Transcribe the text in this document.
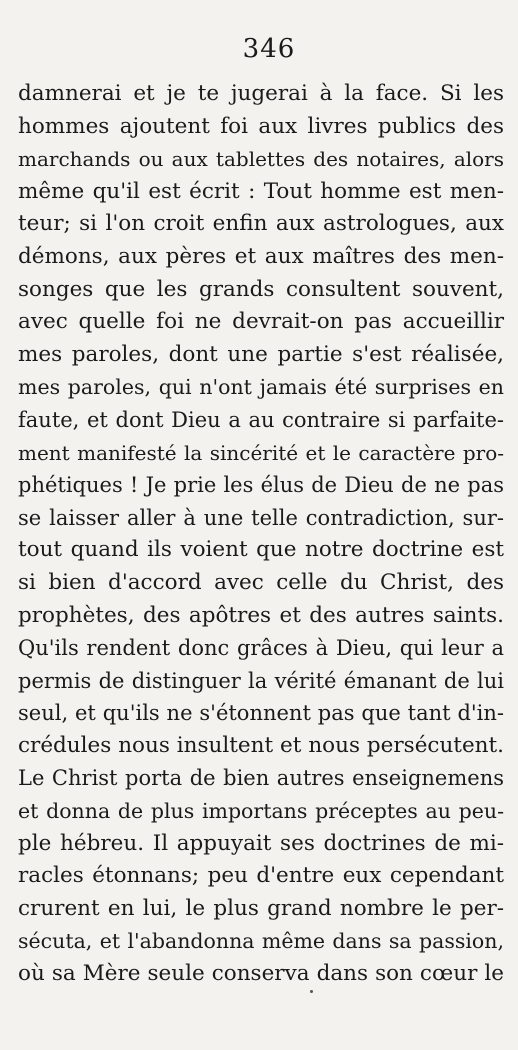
346
damnerai et je te jugerai à la face. Si les
hommes ajoutent foi aux livres publics des
marchands ou aux tablettes des notaires, alors
même qu'il est écrit : Tout homme est men-
teur; si l'on croit enfin aux astrologues, aux
démons, aux pères et aux maîtres des men-
songes que les grands consultent souvent,
avec quelle foi ne devrait-on pas accueillir
mes paroles, dont une partie s'est réalisée,
mes paroles, qui n'ont jamais été surprises en
faute, et dont Dieu a au contraire si parfaite-
ment manifesté la sincérité et le caractère pro-
phétiques ! Je prie les élus de Dieu de ne pas
se laisser aller à une telle contradiction, sur-
tout quand ils voient que notre doctrine est
si bien d'accord avec celle du Christ, des
prophètes, des apôtres et des autres saints.
Qu'ils rendent donc grâces à Dieu, qui leur a
permis de distinguer la vérité émanant de lui
seul, et qu'ils ne s'étonnent pas que tant d'in-
crédules nous insultent et nous persécutent.
Le Christ porta de bien autres enseignemens
et donna de plus importans préceptes au peu-
ple hébreu. Il appuyait ses doctrines de mi-
racles étonnans; peu d'entre eux cependant
crurent en lui, le plus grand nombre le per-
sécuta, et l'abandonna même dans sa passion,
où sa Mère seule conserva dans son cœur le
